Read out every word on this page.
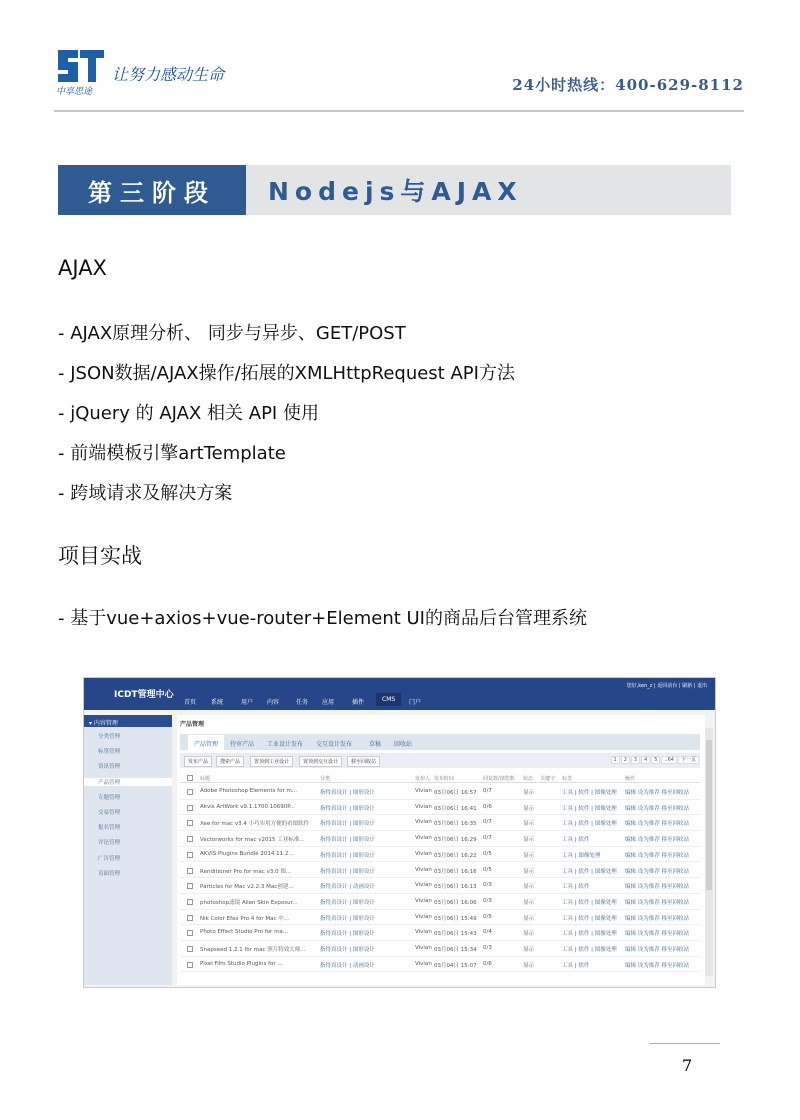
中享思途
让努力感动生命
24小时热线：400-629-8112
第三阶段	Nodejs与AJAX
AJAX
- AJAX原理分析、 同步与异步、GET/POST
- JSON数据/AJAX操作/拓展的XMLHttpRequest API方法
- jQuery 的 AJAX 相关 API 使用
- 前端模板引擎artTemplate
- 跨域请求及解决方案
项目实战
- 基于vue+axios+vue-router+Element UI的商品后台管理系统
ICDT管理中心
首页 系统	用户 内容	任务 应用	插件	CMS	门户
您好,ken_z | 返回前台 | 刷新 | 退出
▾ 内容管理
分类管理
标签管理
资讯管理
产品管理
专题管理
交易管理
报名管理
评论管理
广告管理
页面管理
产品管理
产品管理	待审产品 工业设计发布 交互设计发布	草稿 回收站
发布产品	搜索产品	置顶到工业设计	置顶到交互设计	移至回收站	1 2 3 4 5 ..64 下一页
标题	分类	发布人 发布时间	回复数/浏览数 状态 关键字 标签	操作
Adobe Photoshop Elements for m...	指得真设计 | 图形设计	Vivian 03月06日 16:57 0/7	显示	工具 | 软件 | 图像处理 编辑 设为推荐 移至回收站
Akvis ArtWork v9.1.1700.10690P...	指得真设计 | 图形设计	Vivian 03月06日 16:41 0/6	显示	工具 | 软件 | 图像处理 编辑 设为推荐 移至回收站
Xee for mac v3.4 小巧实用方便的看图软件 指得真设计 | 图形设计	Vivian 03月06日 16:35 0/7	显示	工具 | 软件 | 图像处理 编辑 设为推荐 移至回收站
Vectorworks for mac v2015 工业标准...	指得真设计 | 图形设计	Vivian 03月06日 16:29 0/7	显示	工具 | 软件	编辑 设为推荐 移至回收站
AKVIS Plugins Bundle 2014 11.2...	指得真设计 | 图形设计	Vivian 03月06日 16:22 0/5	显示	工具 | 图像处理	编辑 设为推荐 移至回收站
Renditioner Pro for mac v3.0 图...	指得真设计 | 图形设计	Vivian 03月06日 16:16 0/5	显示	工具 | 软件 | 图像处理 编辑 设为推荐 移至回收站
Particles for Mac v2.2.3 Mac创建...	指得真设计 | 动画设计	Vivian 03月06日 16:13 0/3	显示	工具 | 软件	编辑 设为推荐 移至回收站
photoshop滤镜 Alien Skin Exposur...	指得真设计 | 图形设计	Vivian 03月06日 16:06 0/3	显示	工具 | 软件 | 图像处理 编辑 设为推荐 移至回收站
Nik Color Efex Pro 4 for Mac 中...	指得真设计 | 图形设计	Vivian 03月06日 15:49 0/5	显示	工具 | 软件 | 图像处理 编辑 设为推荐 移至回收站
Photo Effect Studio Pro for ma...	指得真设计 | 图形设计	Vivian 03月06日 15:43 0/4	显示	工具 | 软件 | 图像处理 编辑 设为推荐 移至回收站
Snapseed 1.2.1 for mac 照片特效大师...	指得真设计 | 图形设计	Vivian 03月06日 15:34 0/3	显示	工具 | 软件 | 图像处理 编辑 设为推荐 移至回收站
Pixel Film Studio Plugins for ...	指得真设计 | 动画设计	Vivian 03月04日 15:07 0/6	显示	工具 | 软件	编辑 设为推荐 移至回收站
7
